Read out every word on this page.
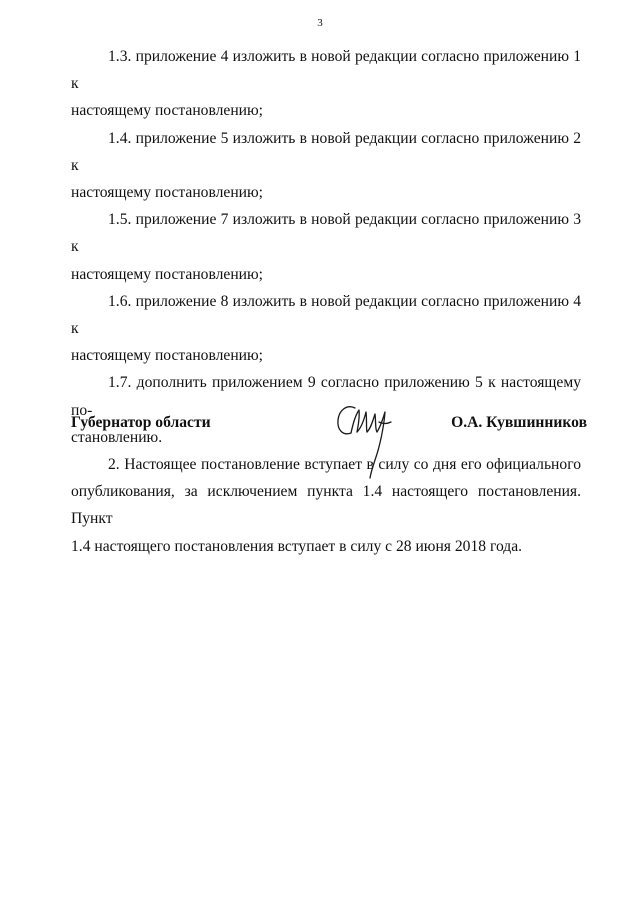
3

1.3. приложение 4 изложить в новой редакции согласно приложению 1 к
настоящему постановлению;

1.4. приложение 5 изложить в новой редакции согласно приложению 2 к
настоящему постановлению;

1.5. приложение 7 изложить в новой редакции согласно приложению 3 к
настоящему постановлению;

1.6. приложение 8 изложить в новой редакции согласно приложению 4 к
настоящему постановлению;

1.7. дополнить приложением 9 согласно приложению 5 к настоящему по-
становлению.

2. Настоящее постановление вступает в силу со дня его официального
опубликования, за исключением пункта 1.4 настоящего постановления. Пункт
1.4 настоящего постановления вступает в силу с 28 июня 2018 года.

Губернатор области	О.А. Кувшинников
